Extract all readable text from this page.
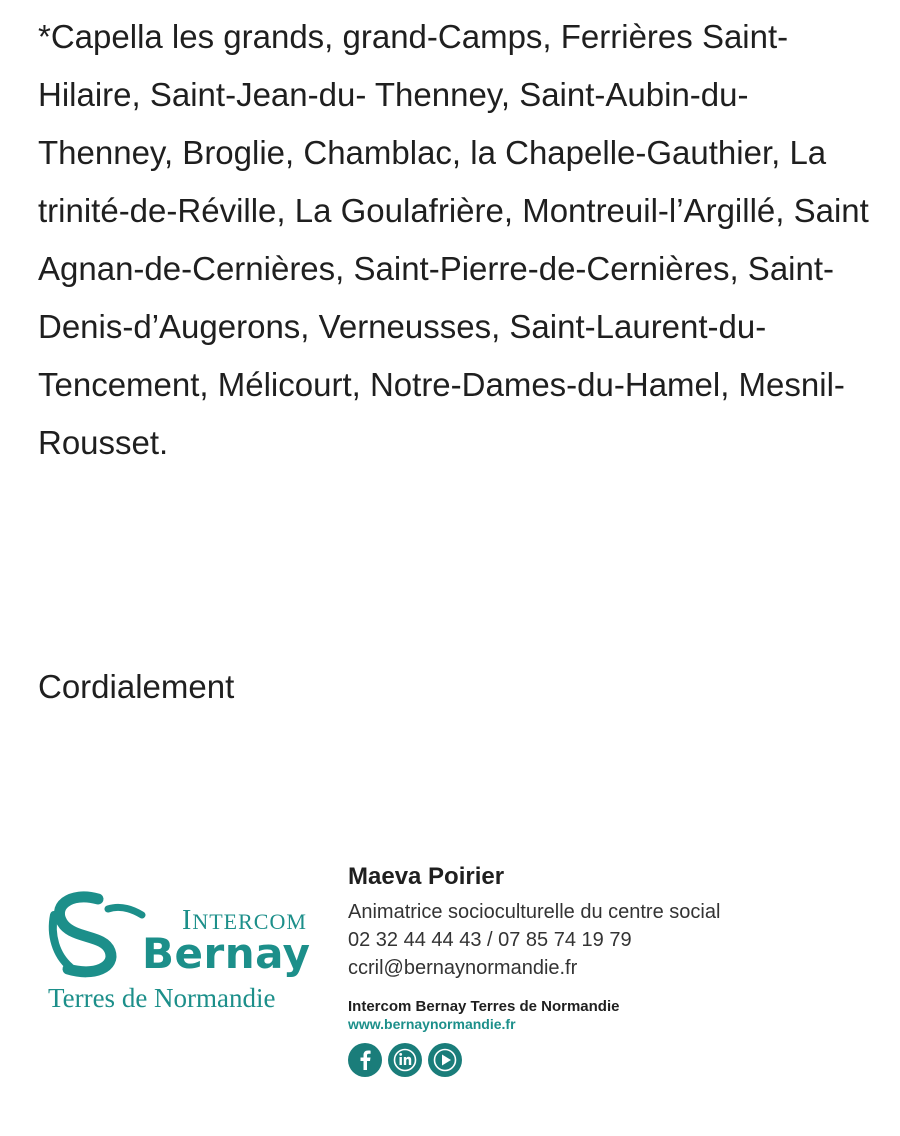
*Capella les grands, grand-Camps, Ferrières Saint-Hilaire, Saint-Jean-du- Thenney, Saint-Aubin-du-Thenney, Broglie, Chamblac, la Chapelle-Gauthier, La trinité-de-Réville, La Goulafrière, Montreuil-l’Argillé, Saint Agnan-de-Cernières, Saint-Pierre-de-Cernières, Saint-Denis-d’Augerons, Verneusses, Saint-Laurent-du-Tencement, Mélicourt, Notre-Dames-du-Hamel, Mesnil-Rousset.

Cordialement

INTERCOM
Bernay
Terres de Normandie

Maeva Poirier

Animatrice socioculturelle du centre social

02 32 44 44 43 / 07 85 74 19 79

ccril@bernaynormandie.fr

Intercom Bernay Terres de Normandie

www.bernaynormandie.fr
